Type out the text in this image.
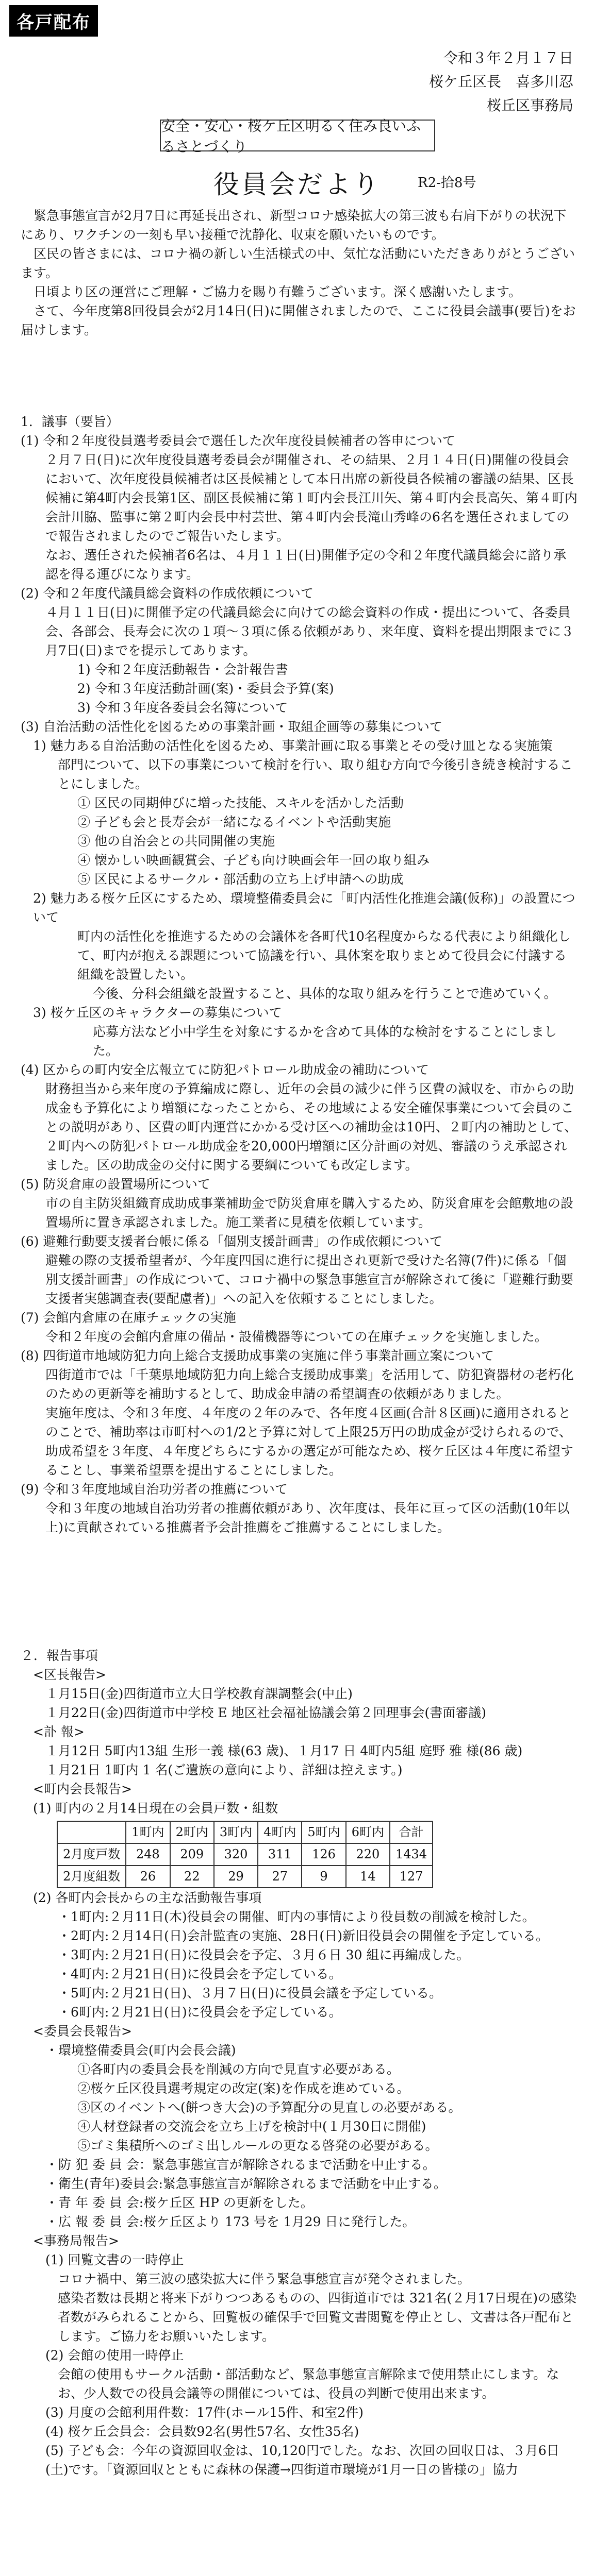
各戸配布
令和３年２月１７日
桜ケ丘区長　喜多川忍
桜丘区事務局
安全・安心・桜ケ丘区明るく住み良いふるさとづくり
役員会だより	R2-拾8号

緊急事態宣言が2月7日に再延長出され、新型コロナ感染拡大の第三波も右肩下がりの状況下にあり、ワクチンの一刻も早い接種で沈静化、収束を願いたいものです。

区民の皆さまには、コロナ禍の新しい生活様式の中、気忙な活動にいただきありがとうございます。

日頃より区の運営にご理解・ご協力を賜り有難うございます。深く感謝いたします。

さて、今年度第8回役員会が2月14日(日)に開催されましたので、ここに役員会議事(要旨)をお届けします。

1．議事（要旨）
(1) 令和２年度役員選考委員会で選任した次年度役員候補者の答申について
２月７日(日)に次年度役員選考委員会が開催され、その結果、２月１４日(日)開催の役員会において、次年度役員候補者は区長候補として本日出席の新役員各候補の審議の結果、区長候補に第4町内会長第1区、副区長候補に第１町内会長江川矢、第４町内会長高矢、第４町内会計川脇、監事に第２町内会長中村芸世、第４町内会長滝山秀峰の6名を選任されましてので報告されましたのでご報告いたします。
なお、選任された候補者6名は、４月１１日(日)開催予定の令和２年度代議員総会に諮り承認を得る運びになります。
(2) 令和２年度代議員総会資料の作成依頼について
４月１１日(日)に開催予定の代議員総会に向けての総会資料の作成・提出について、各委員会、各部会、長寿会に次の１項～３項に係る依頼があり、来年度、資料を提出期限までに３月7日(日)までを提示してあります。
1) 令和２年度活動報告・会計報告書
2) 令和３年度活動計画(案)・委員会予算(案)
3) 令和３年度各委員会名簿について
(3) 自治活動の活性化を図るための事業計画・取組企画等の募集について
1) 魅力ある自治活動の活性化を図るため、事業計画に取る事業とその受け皿となる実施策
部門について、以下の事業について検討を行い、取り組む方向で今後引き続き検討することにしました。
① 区民の同期伸びに増った技能、スキルを活かした活動
② 子ども会と長寿会が一緒になるイベントや活動実施
③ 他の自治会との共同開催の実施
④ 懐かしい映画観賞会、子ども向け映画会年一回の取り組み
⑤ 区民によるサークル・部活動の立ち上げ申請への助成
2) 魅力ある桜ケ丘区にするため、環境整備委員会に「町内活性化推進会議(仮称)」の設置について
町内の活性化を推進するための会議体を各町代10名程度からなる代表により組織化して、町内が抱える課題について協議を行い、具体案を取りまとめて役員会に付議する組織を設置したい。
今後、分科会組織を設置すること、具体的な取り組みを行うことで進めていく。
3) 桜ケ丘区のキャラクターの募集について
応募方法など小中学生を対象にするかを含めて具体的な検討をすることにしました。
(4) 区からの町内安全広報立てに防犯パトロール助成金の補助について
財務担当から来年度の予算編成に際し、近年の会員の減少に伴う区費の減収を、市からの助成金も予算化により増額になったことから、その地域による安全確保事業について会員のことの説明があり、区費の町内運営にかかる受け区への補助金は10円、２町内の補助として、２町内への防犯パトロール助成金を20,000円増額に区分計画の対処、審議のうえ承認されました。区の助成金の交付に関する要綱についても改定します。
(5) 防災倉庫の設置場所について
市の自主防災組織育成助成事業補助金で防災倉庫を購入するため、防災倉庫を会館敷地の設置場所に置き承認されました。施工業者に見積を依頼しています。
(6) 避難行動要支援者台帳に係る「個別支援計画書」の作成依頼について
避難の際の支援希望者が、今年度四国に進行に提出され更新で受けた名簿(7件)に係る「個別支援計画書」の作成について、コロナ禍中の緊急事態宣言が解除されて後に「避難行動要支援者実態調査表(要配慮者)」への記入を依頼することにしました。
(7) 会館内倉庫の在庫チェックの実施
令和２年度の会館内倉庫の備品・設備機器等についての在庫チェックを実施しました。
(8) 四街道市地域防犯力向上総合支援助成事業の実施に伴う事業計画立案について
四街道市では「千葉県地域防犯力向上総合支援助成事業」を活用して、防犯資器材の老朽化のための更新等を補助するとして、助成金申請の希望調査の依頼がありました。
実施年度は、令和３年度、４年度の２年のみで、各年度４区画(合計８区画)に適用されるとのことで、補助率は市町村への1/2と予算に対して上限25万円の助成金が受けられるので、助成希望を３年度、４年度どちらにするかの選定が可能なため、桜ケ丘区は４年度に希望することし、事業希望票を提出することにしました。
(9) 令和３年度地域自治功労者の推薦について
令和３年度の地域自治功労者の推薦依頼があり、次年度は、長年に亘って区の活動(10年以上)に貢献されている推薦者予会計推薦をご推薦することにしました。
２．報告事項
<区長報告>
１月15日(金)四街道市立大日学校教育課調整会(中止)
１月22日(金)四街道市中学校 E 地区社会福祉協議会第２回理事会(書面審議)
<訃 報>
１月12日 5町内13組 生形一義 様(63 歳)、１月17 日 4町内5組 庭野 雅 様(86 歳)
１月21日 1町内 1 名(ご遺族の意向により、詳細は控えます。)
<町内会長報告>
(1) 町内の２月14日現在の会員戸数・組数
	1町内	2町内	3町内	4町内	5町内	6町内	合計
2月度戸数	248	209	320	311	126	220	1434
2月度組数	26	22	29	27	9	14	127
(2) 各町内会長からの主な活動報告事項
・1町内:２月11日(木)役員会の開催、町内の事情により役員数の削減を検討した。
・2町内:２月14日(日)会計監査の実施、28日(日)新旧役員会の開催を予定している。
・3町内:２月21日(日)に役員会を予定、３月６日 30 組に再編成した。
・4町内:２月21日(日)に役員会を予定している。
・5町内:２月21日(日)、３月７日(日)に役員会議を予定している。
・6町内:２月21日(日)に役員会を予定している。
<委員会長報告>
・環境整備委員会(町内会長会議)
①各町内の委員会長を削減の方向で見直す必要がある。
②桜ケ丘区役員選考規定の改定(案)を作成を進めている。
③区のイベントへ(餅つき大会)の予算配分の見直しの必要がある。
④人材登録者の交流会を立ち上げを検討中(１月30日に開催)
⑤ゴミ集積所へのゴミ出しルールの更なる啓発の必要がある。
・防 犯 委 員 会：緊急事態宣言が解除されるまで活動を中止する。
・衛生(青年)委員会:緊急事態宣言が解除されるまで活動を中止する。
・青 年 委 員 会:桜ケ丘区 HP の更新をした。
・広 報 委 員 会:桜ケ丘区より 173 号を 1月29 日に発行した。
<事務局報告>
(1) 回覧文書の一時停止
コロナ禍中、第三波の感染拡大に伴う緊急事態宣言が発令されました。
感染者数は長期と将来下がりつつあるものの、四街道市では 321名(２月17日現在)の感染者数がみられることから、回覧板の確保手で回覧文書閲覧を停止とし、文書は各戸配布とします。ご協力をお願いいたします。
(2) 会館の使用一時停止
会館の使用もサークル活動・部活動など、緊急事態宣言解除まで使用禁止にします。なお、少人数での役員会議等の開催については、役員の判断で使用出来ます。
(3) 月度の会館利用件数：17件(ホール15件、和室2件)
(4) 桜ケ丘会員会：会員数92名(男性57名、女性35名)
(5) 子ども会：今年の資源回収金は、10,120円でした。なお、次回の回収日は、３月6日(土)です。「資源回収とともに森林の保護→四街道市環境が1月一日の皆様の」協力
